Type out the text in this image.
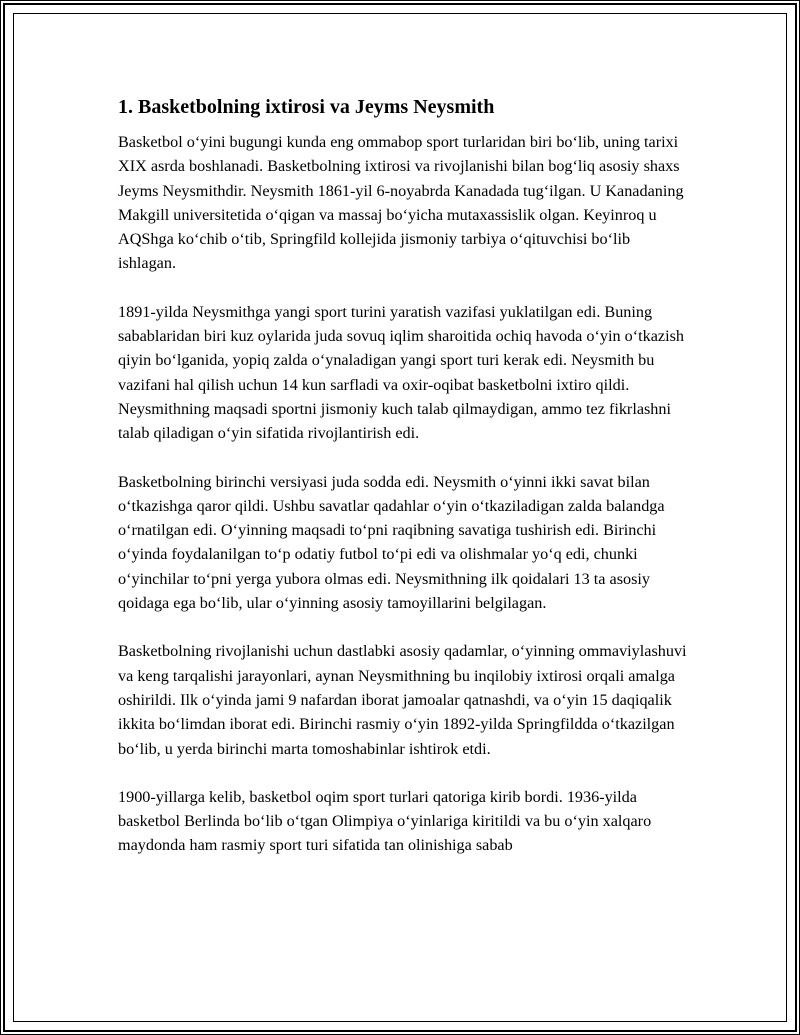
1. Basketbolning ixtirosi va Jeyms Neysmith

Basketbol o‘yini bugungi kunda eng ommabop sport turlaridan biri bo‘lib, uning tarixi XIX asrda boshlanadi. Basketbolning ixtirosi va rivojlanishi bilan bog‘liq asosiy shaxs Jeyms Neysmithdir. Neysmith 1861-yil 6-noyabrda Kanadada tug‘ilgan. U Kanadaning Makgill universitetida o‘qigan va massaj bo‘yicha mutaxassislik olgan. Keyinroq u AQShga ko‘chib o‘tib, Springfild kollejida jismoniy tarbiya o‘qituvchisi bo‘lib ishlagan.

1891-yilda Neysmithga yangi sport turini yaratish vazifasi yuklatilgan edi. Buning sabablaridan biri kuz oylarida juda sovuq iqlim sharoitida ochiq havoda o‘yin o‘tkazish qiyin bo‘lganida, yopiq zalda o‘ynaladigan yangi sport turi kerak edi. Neysmith bu vazifani hal qilish uchun 14 kun sarfladi va oxir-oqibat basketbolni ixtiro qildi. Neysmithning maqsadi sportni jismoniy kuch talab qilmaydigan, ammo tez fikrlashni talab qiladigan o‘yin sifatida rivojlantirish edi.

Basketbolning birinchi versiyasi juda sodda edi. Neysmith o‘yinni ikki savat bilan o‘tkazishga qaror qildi. Ushbu savatlar qadahlar o‘yin o‘tkaziladigan zalda balandga o‘rnatilgan edi. O‘yinning maqsadi to‘pni raqibning savatiga tushirish edi. Birinchi o‘yinda foydalanilgan to‘p odatiy futbol to‘pi edi va olishmalar yo‘q edi, chunki o‘yinchilar to‘pni yerga yubora olmas edi. Neysmithning ilk qoidalari 13 ta asosiy qoidaga ega bo‘lib, ular o‘yinning asosiy tamoyillarini belgilagan.

Basketbolning rivojlanishi uchun dastlabki asosiy qadamlar, o‘yinning ommaviylashuvi va keng tarqalishi jarayonlari, aynan Neysmithning bu inqilobiy ixtirosi orqali amalga oshirildi. Ilk o‘yinda jami 9 nafardan iborat jamoalar qatnashdi, va o‘yin 15 daqiqalik ikkita bo‘limdan iborat edi. Birinchi rasmiy o‘yin 1892-yilda Springfildda o‘tkazilgan bo‘lib, u yerda birinchi marta tomoshabinlar ishtirok etdi.

1900-yillarga kelib, basketbol oqim sport turlari qatoriga kirib bordi. 1936-yilda basketbol Berlinda bo‘lib o‘tgan Olimpiya o‘yinlariga kiritildi va bu o‘yin xalqaro maydonda ham rasmiy sport turi sifatida tan olinishiga sabab
